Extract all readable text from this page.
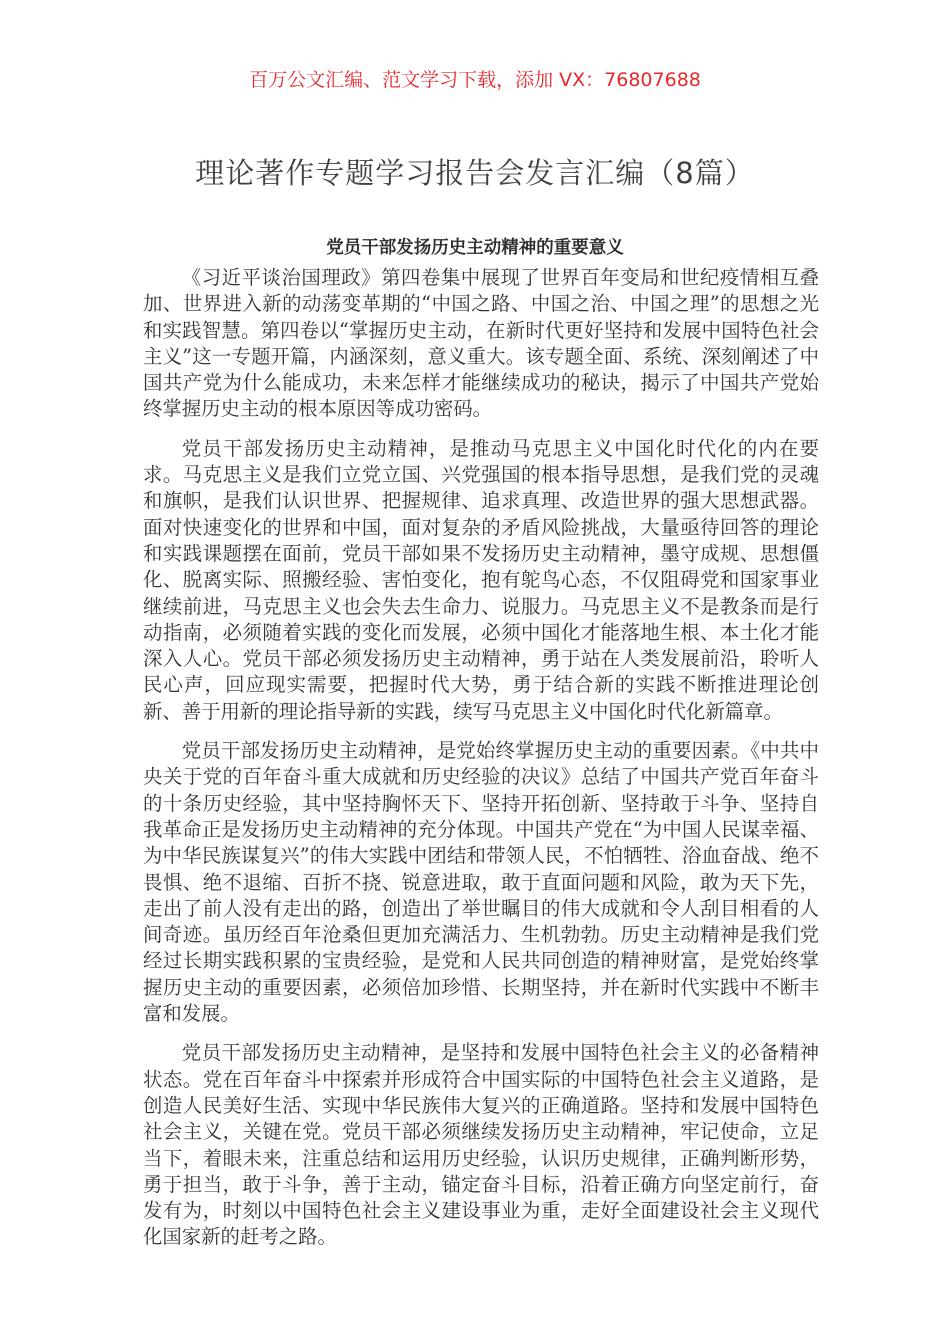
百万公文汇编、范文学习下载，添加 VX：76807688
理论著作专题学习报告会发言汇编（8篇）
党员干部发扬历史主动精神的重要意义

《习近平谈治国理政》第四卷集中展现了世界百年变局和世纪疫情相互叠加、世界进入新的动荡变革期的“中国之路、中国之治、中国之理”的思想之光和实践智慧。第四卷以“掌握历史主动，在新时代更好坚持和发展中国特色社会主义”这一专题开篇，内涵深刻，意义重大。该专题全面、系统、深刻阐述了中国共产党为什么能成功，未来怎样才能继续成功的秘诀，揭示了中国共产党始终掌握历史主动的根本原因等成功密码。

党员干部发扬历史主动精神，是推动马克思主义中国化时代化的内在要求。马克思主义是我们立党立国、兴党强国的根本指导思想，是我们党的灵魂和旗帜，是我们认识世界、把握规律、追求真理、改造世界的强大思想武器。面对快速变化的世界和中国，面对复杂的矛盾风险挑战，大量亟待回答的理论和实践课题摆在面前，党员干部如果不发扬历史主动精神，墨守成规、思想僵化、脱离实际、照搬经验、害怕变化，抱有鸵鸟心态，不仅阻碍党和国家事业继续前进，马克思主义也会失去生命力、说服力。马克思主义不是教条而是行动指南，必须随着实践的变化而发展，必须中国化才能落地生根、本土化才能深入人心。党员干部必须发扬历史主动精神，勇于站在人类发展前沿，聆听人民心声，回应现实需要，把握时代大势，勇于结合新的实践不断推进理论创新、善于用新的理论指导新的实践，续写马克思主义中国化时代化新篇章。

党员干部发扬历史主动精神，是党始终掌握历史主动的重要因素。《中共中央关于党的百年奋斗重大成就和历史经验的决议》总结了中国共产党百年奋斗的十条历史经验，其中坚持胸怀天下、坚持开拓创新、坚持敢于斗争、坚持自我革命正是发扬历史主动精神的充分体现。中国共产党在“为中国人民谋幸福、为中华民族谋复兴”的伟大实践中团结和带领人民，不怕牺牲、浴血奋战、绝不畏惧、绝不退缩、百折不挠、锐意进取，敢于直面问题和风险，敢为天下先，走出了前人没有走出的路，创造出了举世瞩目的伟大成就和令人刮目相看的人间奇迹。虽历经百年沧桑但更加充满活力、生机勃勃。历史主动精神是我们党经过长期实践积累的宝贵经验，是党和人民共同创造的精神财富，是党始终掌握历史主动的重要因素，必须倍加珍惜、长期坚持，并在新时代实践中不断丰富和发展。

党员干部发扬历史主动精神，是坚持和发展中国特色社会主义的必备精神状态。党在百年奋斗中探索并形成符合中国实际的中国特色社会主义道路，是创造人民美好生活、实现中华民族伟大复兴的正确道路。坚持和发展中国特色社会主义，关键在党。党员干部必须继续发扬历史主动精神，牢记使命，立足当下，着眼未来，注重总结和运用历史经验，认识历史规律，正确判断形势，勇于担当，敢于斗争，善于主动，锚定奋斗目标，沿着正确方向坚定前行，奋发有为，时刻以中国特色社会主义建设事业为重，走好全面建设社会主义现代化国家新的赶考之路。
